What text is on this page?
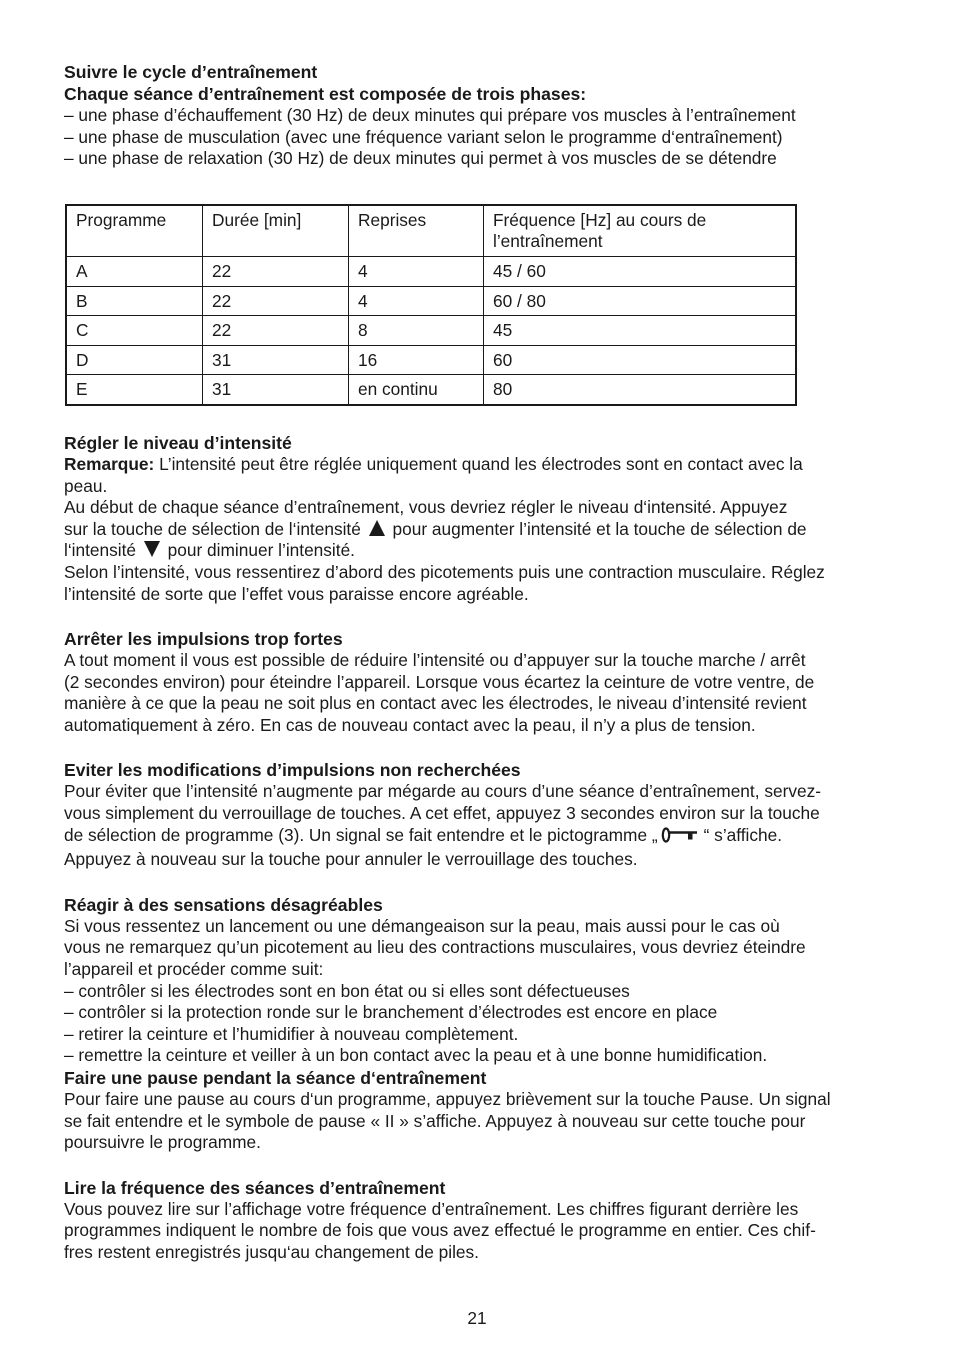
Suivre le cycle d’entraînement
Chaque séance d’entraînement est composée de trois phases:

– une phase d’échauffement (30 Hz) de deux minutes qui prépare vos muscles à l’entraînement

– une phase de musculation (avec une fréquence variant selon le programme d‘entraînement)

– une phase de relaxation (30 Hz) de deux minutes qui permet à vos muscles de se détendre

Programme	Durée [min]	Reprises	Fréquence [Hz] au cours de l’entraînement
A	22	4	45 / 60
B	22	4	60 / 80
C	22	8	45
D	31	16	60
E	31	en continu	80
Régler le niveau d’intensité

Remarque: L’intensité peut être réglée uniquement quand les électrodes sont en contact avec la

peau.

Au début de chaque séance d’entraînement, vous devriez régler le niveau d‘intensité. Appuyez

sur la touche de sélection de l‘intensité pour augmenter l’intensité et la touche de sélection de

l‘intensité pour diminuer l’intensité.

Selon l’intensité, vous ressentirez d’abord des picotements puis une contraction musculaire. Réglez

l’intensité de sorte que l’effet vous paraisse encore agréable.

Arrêter les impulsions trop fortes

A tout moment il vous est possible de réduire l’intensité ou d’appuyer sur la touche marche / arrêt

(2 secondes environ) pour éteindre l’appareil. Lorsque vous écartez la ceinture de votre ventre, de

manière à ce que la peau ne soit plus en contact avec les électrodes, le niveau d’intensité revient

automatiquement à zéro. En cas de nouveau contact avec la peau, il n’y a plus de tension.

Eviter les modifications d’impulsions non recherchées

Pour éviter que l’intensité n’augmente par mégarde au cours d’une séance d’entraînement, servez-

vous simplement du verrouillage de touches. A cet effet, appuyez 3 secondes environ sur la touche

de sélection de programme (3). Un signal se fait entendre et le pictogramme „	“ s’affiche.

Appuyez à nouveau sur la touche pour annuler le verrouillage des touches.

Réagir à des sensations désagréables

Si vous ressentez un lancement ou une démangeaison sur la peau, mais aussi pour le cas où

vous ne remarquez qu’un picotement au lieu des contractions musculaires, vous devriez éteindre

l’appareil et procéder comme suit:

– contrôler si les électrodes sont en bon état ou si elles sont défectueuses

– contrôler si la protection ronde sur le branchement d’électrodes est encore en place

– retirer la ceinture et l’humidifier à nouveau complètement.

– remettre la ceinture et veiller à un bon contact avec la peau et à une bonne humidification.

Faire une pause pendant la séance d‘entraînement

Pour faire une pause au cours d‘un programme, appuyez brièvement sur la touche Pause. Un signal

se fait entendre et le symbole de pause « II » s’affiche. Appuyez à nouveau sur cette touche pour

poursuivre le programme.

Lire la fréquence des séances d’entraînement

Vous pouvez lire sur l’affichage votre fréquence d’entraînement. Les chiffres figurant derrière les

programmes indiquent le nombre de fois que vous avez effectué le programme en entier. Ces chif-

fres restent enregistrés jusqu‘au changement de piles.

21
